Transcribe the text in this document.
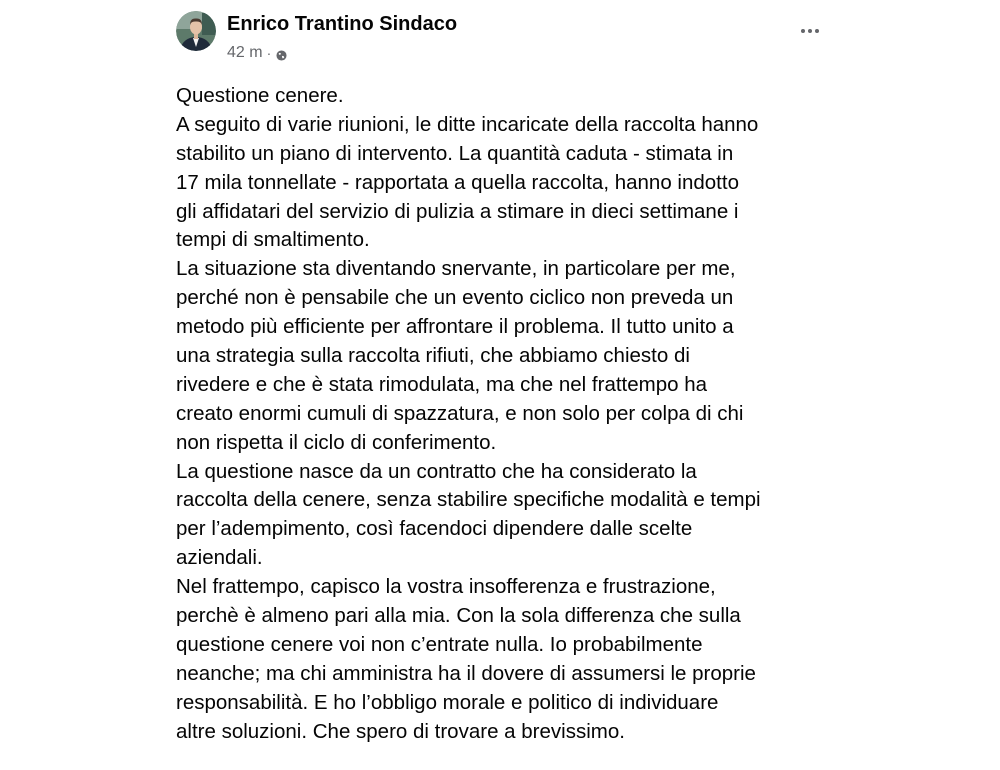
Enrico Trantino Sindaco
42 m ·
Questione cenere.
A seguito di varie riunioni, le ditte incaricate della raccolta hanno
stabilito un piano di intervento. La quantità caduta - stimata in
17 mila tonnellate - rapportata a quella raccolta, hanno indotto
gli affidatari del servizio di pulizia a stimare in dieci settimane i
tempi di smaltimento.
La situazione sta diventando snervante, in particolare per me,
perché non è pensabile che un evento ciclico non preveda un
metodo più efficiente per affrontare il problema. Il tutto unito a
una strategia sulla raccolta rifiuti, che abbiamo chiesto di
rivedere e che è stata rimodulata, ma che nel frattempo ha
creato enormi cumuli di spazzatura, e non solo per colpa di chi
non rispetta il ciclo di conferimento.
La questione nasce da un contratto che ha considerato la
raccolta della cenere, senza stabilire specifiche modalità e tempi
per l’adempimento, così facendoci dipendere dalle scelte
aziendali.
Nel frattempo, capisco la vostra insofferenza e frustrazione,
perchè è almeno pari alla mia. Con la sola differenza che sulla
questione cenere voi non c’entrate nulla. Io probabilmente
neanche; ma chi amministra ha il dovere di assumersi le proprie
responsabilità. E ho l’obbligo morale e politico di individuare
altre soluzioni. Che spero di trovare a brevissimo.
